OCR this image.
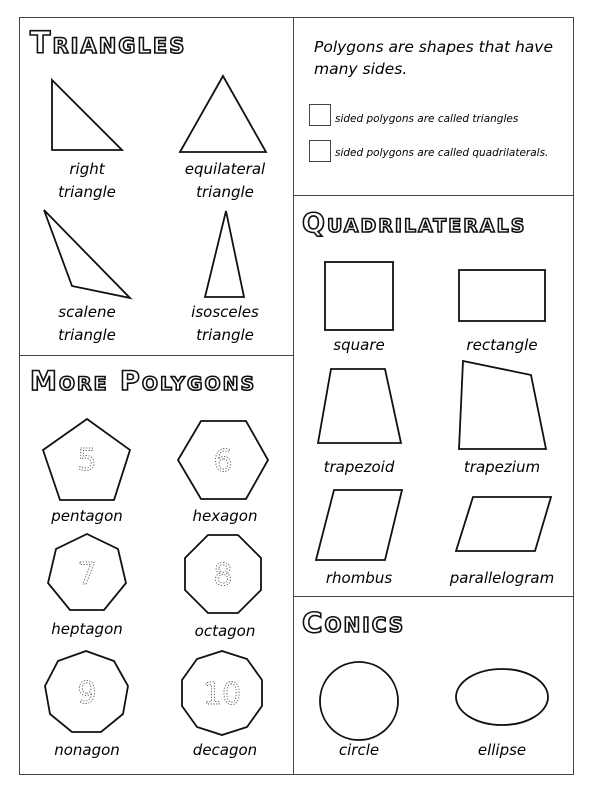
Triangles
More Polygons
Quadrilaterals
Conics
Polygons are shapes that have many sides.
sided polygons are called triangles
sided polygons are called quadrilaterals.
5	6
7	8
9	10
right
triangle
equilateral
triangle
scalene
triangle
isosceles
triangle
pentagon	hexagon
heptagon	octagon
nonagon	decagon
square	rectangle
trapezoid	trapezium
rhombus	parallelogram
circle	ellipse
